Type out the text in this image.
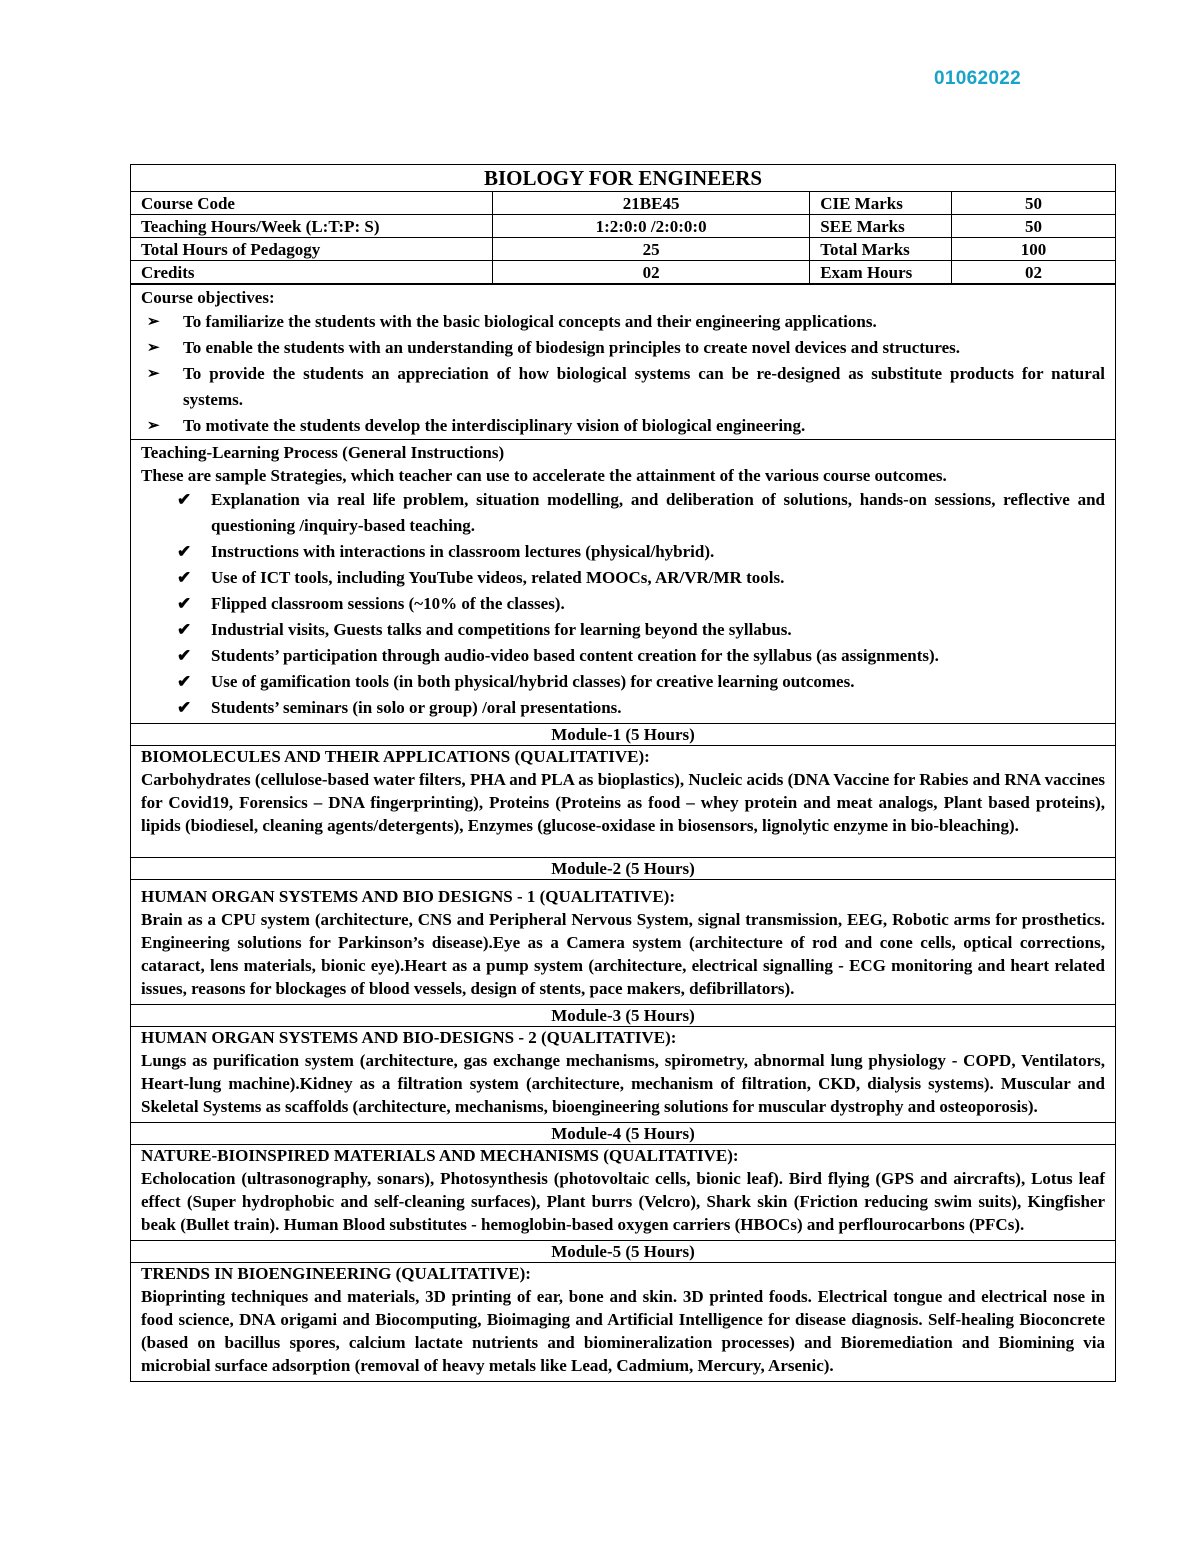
01062022
BIOLOGY FOR ENGINEERS
Course Code	21BE45	CIE Marks	50
Teaching Hours/Week (L:T:P: S)	1:2:0:0 /2:0:0:0	SEE Marks	50
Total Hours of Pedagogy	25	Total Marks	100
Credits	02	Exam Hours	02
Course objectives:
➢ To familiarize the students with the basic biological concepts and their engineering applications.
➢ To enable the students with an understanding of biodesign principles to create novel devices and structures.
➢ To provide the students an appreciation of how biological systems can be re-designed as substitute products for natural systems.
➢ To motivate the students develop the interdisciplinary vision of biological engineering.
Teaching-Learning Process (General Instructions)
These are sample Strategies, which teacher can use to accelerate the attainment of the various course outcomes.
✔ Explanation via real life problem, situation modelling, and deliberation of solutions, hands-on sessions, reflective and questioning /inquiry-based teaching.
✔ Instructions with interactions in classroom lectures (physical/hybrid).
✔ Use of ICT tools, including YouTube videos, related MOOCs, AR/VR/MR tools.
✔ Flipped classroom sessions (~10% of the classes).
✔ Industrial visits, Guests talks and competitions for learning beyond the syllabus.
✔ Students’ participation through audio-video based content creation for the syllabus (as assignments).
✔ Use of gamification tools (in both physical/hybrid classes) for creative learning outcomes.
✔ Students’ seminars (in solo or group) /oral presentations.
Module-1 (5 Hours)
BIOMOLECULES AND THEIR APPLICATIONS (QUALITATIVE):
Carbohydrates (cellulose-based water filters, PHA and PLA as bioplastics), Nucleic acids (DNA Vaccine for Rabies and RNA vaccines for Covid19, Forensics – DNA fingerprinting), Proteins (Proteins as food – whey protein and meat analogs, Plant based proteins), lipids (biodiesel, cleaning agents/detergents), Enzymes (glucose-oxidase in biosensors, lignolytic enzyme in bio-bleaching).
Module-2 (5 Hours)
HUMAN ORGAN SYSTEMS AND BIO DESIGNS - 1 (QUALITATIVE):
Brain as a CPU system (architecture, CNS and Peripheral Nervous System, signal transmission, EEG, Robotic arms for prosthetics. Engineering solutions for Parkinson’s disease).Eye as a Camera system (architecture of rod and cone cells, optical corrections, cataract, lens materials, bionic eye).Heart as a pump system (architecture, electrical signalling - ECG monitoring and heart related issues, reasons for blockages of blood vessels, design of stents, pace makers, defibrillators).
Module-3 (5 Hours)
HUMAN ORGAN SYSTEMS AND BIO-DESIGNS - 2 (QUALITATIVE):
Lungs as purification system (architecture, gas exchange mechanisms, spirometry, abnormal lung physiology - COPD, Ventilators, Heart-lung machine).Kidney as a filtration system (architecture, mechanism of filtration, CKD, dialysis systems). Muscular and Skeletal Systems as scaffolds (architecture, mechanisms, bioengineering solutions for muscular dystrophy and osteoporosis).
Module-4 (5 Hours)
NATURE-BIOINSPIRED MATERIALS AND MECHANISMS (QUALITATIVE):
Echolocation (ultrasonography, sonars), Photosynthesis (photovoltaic cells, bionic leaf). Bird flying (GPS and aircrafts), Lotus leaf effect (Super hydrophobic and self-cleaning surfaces), Plant burrs (Velcro), Shark skin (Friction reducing swim suits), Kingfisher beak (Bullet train). Human Blood substitutes - hemoglobin-based oxygen carriers (HBOCs) and perflourocarbons (PFCs).
Module-5 (5 Hours)
TRENDS IN BIOENGINEERING (QUALITATIVE):
Bioprinting techniques and materials, 3D printing of ear, bone and skin. 3D printed foods. Electrical tongue and electrical nose in food science, DNA origami and Biocomputing, Bioimaging and Artificial Intelligence for disease diagnosis. Self-healing Bioconcrete (based on bacillus spores, calcium lactate nutrients and biomineralization processes) and Bioremediation and Biomining via microbial surface adsorption (removal of heavy metals like Lead, Cadmium, Mercury, Arsenic).
